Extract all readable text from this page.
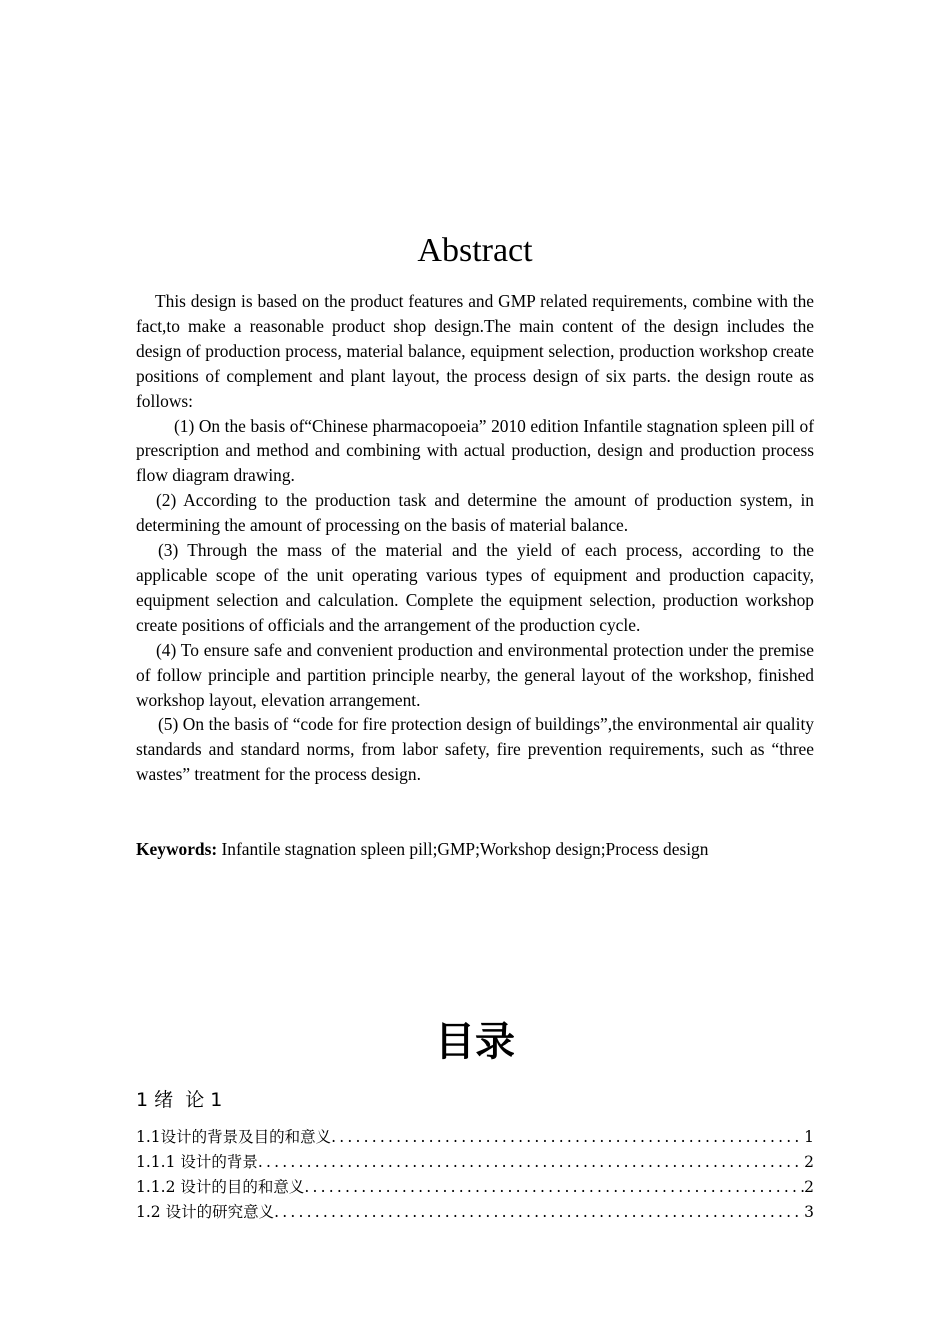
Abstract

This design is based on the product features and GMP related requirements, combine with the fact,to make a reasonable product shop design.The main content of the design includes the design of production process, material balance, equipment selection, production workshop create positions of complement and plant layout, the process design of six parts. the design route as follows:

(1) On the basis of“Chinese pharmacopoeia” 2010 edition Infantile stagnation spleen pill of prescription and method and combining with actual production, design and production process flow diagram drawing.

(2) According to the production task and determine the amount of production system, in determining the amount of processing on the basis of material balance.

(3) Through the mass of the material and the yield of each process, according to the applicable scope of the unit operating various types of equipment and production capacity, equipment selection and calculation. Complete the equipment selection, production workshop create positions of officials and the arrangement of the production cycle.

(4) To ensure safe and convenient production and environmental protection under the premise of follow principle and partition principle nearby, the general layout of the workshop, finished workshop layout, elevation arrangement.

(5) On the basis of “code for fire protection design of buildings”,the environmental air quality standards and standard norms, from labor safety, fire prevention requirements, such as “three wastes” treatment for the process design.

Keywords: Infantile stagnation spleen pill;GMP;Workshop design;Process design
目录
1 绪  论 1
1.1设计的背景及目的和意义 .....	1
1.1.1 设计的背景 .....	2
1.1.2 设计的目的和意义 .....	2
1.2 设计的研究意义 .....	3
